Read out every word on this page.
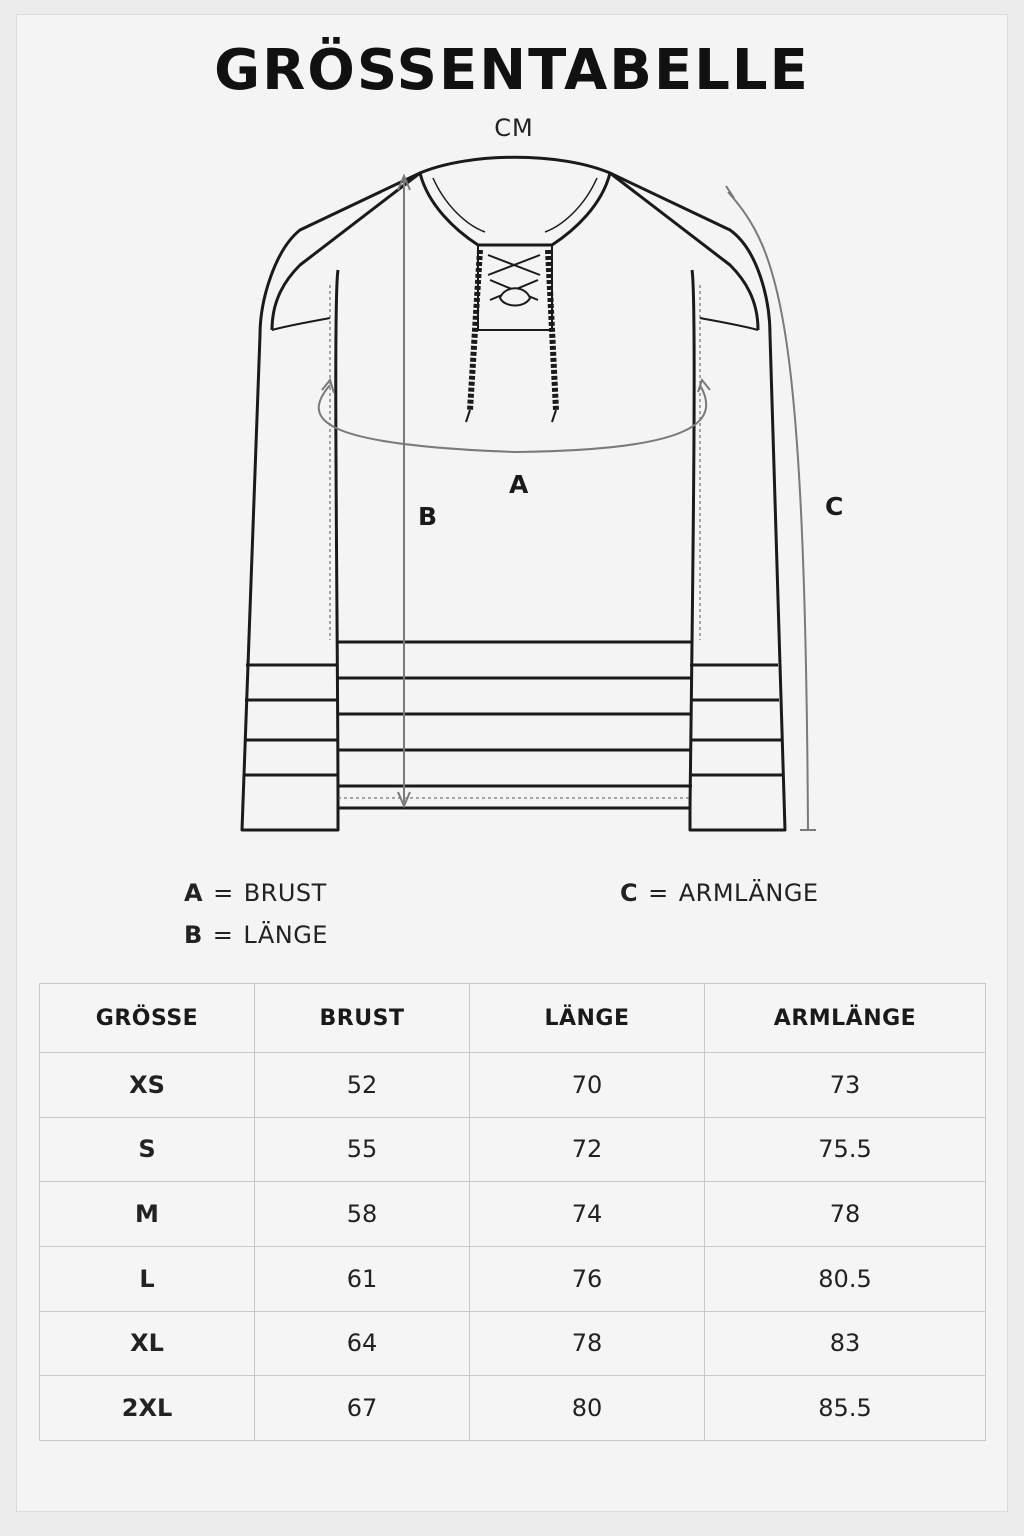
GRÖSSENTABELLE
CM
A
B	C
A = BRUST
B = LÄNGE
C = ARMLÄNGE
GRÖSSE	BRUST	LÄNGE	ARMLÄNGE
XS	52	70	73
S	55	72	75.5
M	58	74	78
L	61	76	80.5
XL	64	78	83
2XL	67	80	85.5
